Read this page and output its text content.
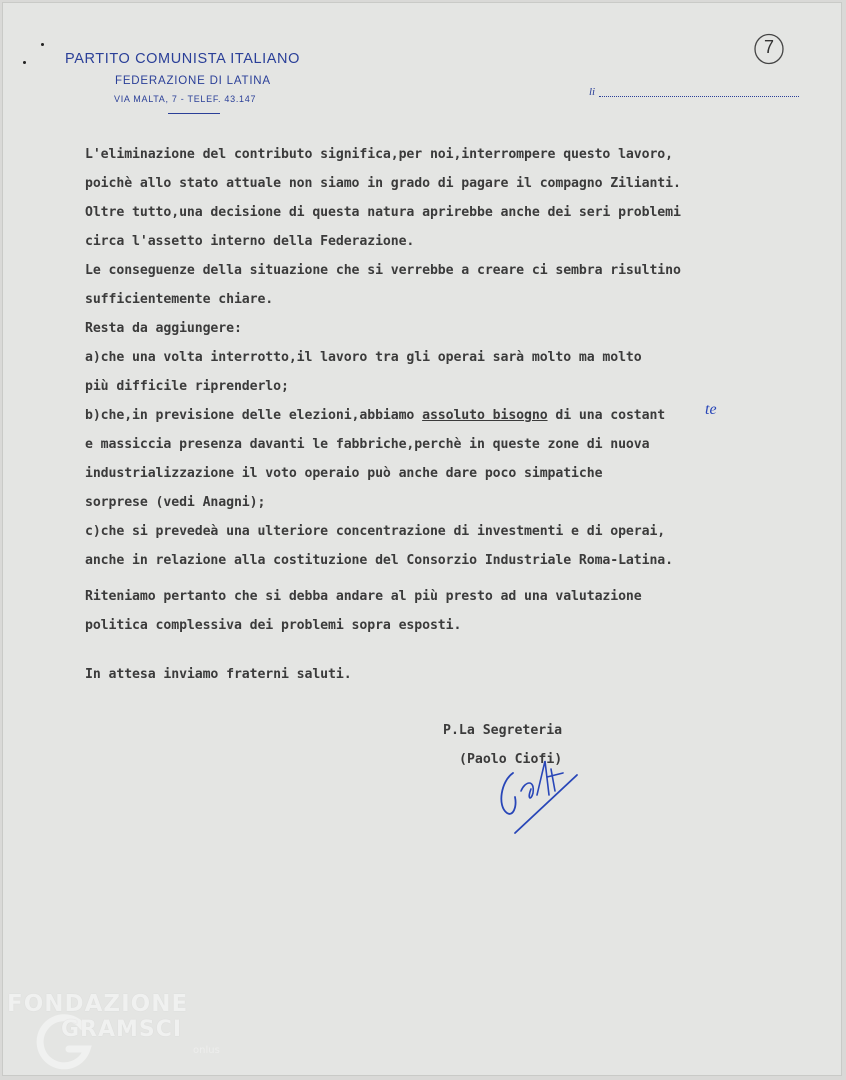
PARTITO COMUNISTA ITALIANO
FEDERAZIONE DI LATINA
VIA MALTA, 7 - TELEF. 43.147
li
7
L'eliminazione del contributo significa,per noi,interrompere questo lavoro,
poichè allo stato attuale non siamo in grado di pagare il compagno Zilianti.
Oltre tutto,una decisione di questa natura aprirebbe anche dei seri problemi
circa l'assetto interno della Federazione.
Le conseguenze della situazione che si verrebbe a creare ci sembra risultino
sufficientemente chiare.
Resta da aggiungere:
a)che una volta interrotto,il lavoro tra gli operai sarà molto ma molto
più difficile riprenderlo;
b)che,in previsione delle elezioni,abbiamo assoluto bisogno di una costant
e massiccia presenza davanti le fabbriche,perchè in queste zone di nuova
industrializzazione il voto operaio può anche dare poco simpatiche
sorprese (vedi Anagni);
c)che si prevedeà una ulteriore concentrazione di investmenti e di operai,
anche in relazione alla costituzione del Consorzio Industriale Roma-Latina.
Riteniamo pertanto che si debba andare al più presto ad una valutazione
politica complessiva dei problemi sopra esposti.
In attesa inviamo fraterni saluti.
te
P.La Segreteria
(Paolo Ciofi)
FONDAZIONE
GRAMSCI
onlus
